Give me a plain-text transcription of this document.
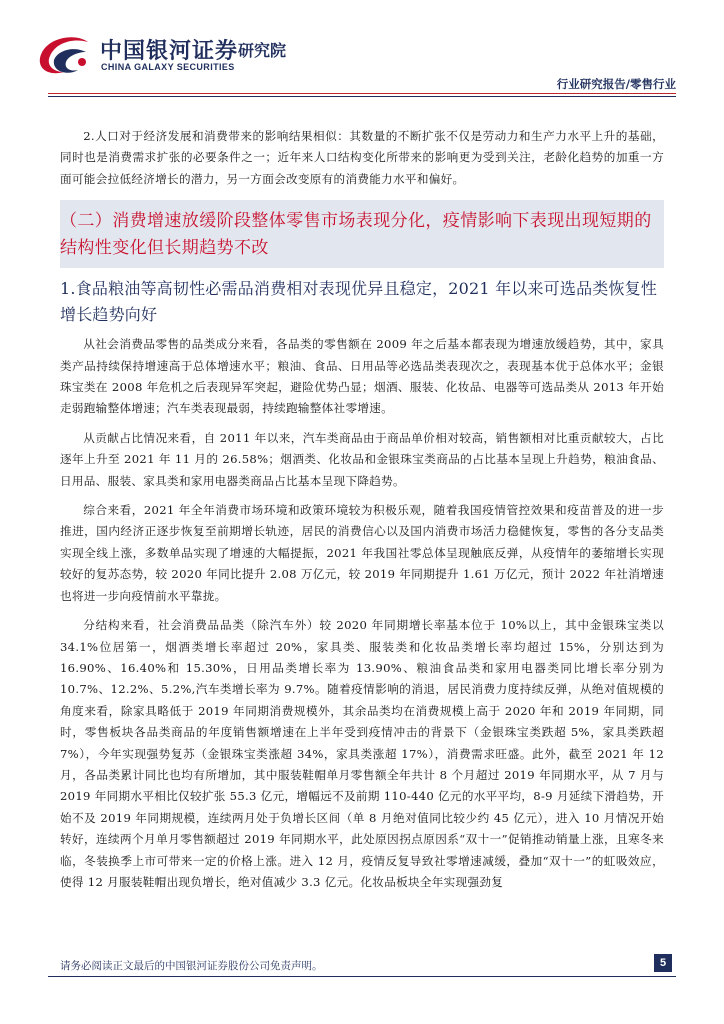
中国银河证券 研究院
CHINA GALAXY SECURITIES
行业研究报告/零售行业

2.人口对于经济发展和消费带来的影响结果相似：其数量的不断扩张不仅是劳动力和生产力水平上升的基础，同时也是消费需求扩张的必要条件之一；近年来人口结构变化所带来的影响更为受到关注，老龄化趋势的加重一方面可能会拉低经济增长的潜力，另一方面会改变原有的消费能力水平和偏好。

（二）消费增速放缓阶段整体零售市场表现分化，疫情影响下表现出现短期的结构性变化但长期趋势不改
1.食品粮油等高韧性必需品消费相对表现优异且稳定，2021 年以来可选品类恢复性增长趋势向好

从社会消费品零售的品类成分来看，各品类的零售额在 2009 年之后基本都表现为增速放缓趋势，其中，家具类产品持续保持增速高于总体增速水平；粮油、食品、日用品等必选品类表现次之，表现基本优于总体水平；金银珠宝类在 2008 年危机之后表现异军突起，避险优势凸显；烟酒、服装、化妆品、电器等可选品类从 2013 年开始走弱跑输整体增速；汽车类表现最弱，持续跑输整体社零增速。

从贡献占比情况来看，自 2011 年以来，汽车类商品由于商品单价相对较高，销售额相对比重贡献较大，占比逐年上升至 2021 年 11 月的 26.58%；烟酒类、化妆品和金银珠宝类商品的占比基本呈现上升趋势，粮油食品、日用品、服装、家具类和家用电器类商品占比基本呈现下降趋势。

综合来看，2021 年全年消费市场环境和政策环境较为积极乐观，随着我国疫情管控效果和疫苗普及的进一步推进，国内经济正逐步恢复至前期增长轨迹，居民的消费信心以及国内消费市场活力稳健恢复，零售的各分支品类实现全线上涨，多数单品实现了增速的大幅提振，2021 年我国社零总体呈现触底反弹，从疫情年的萎缩增长实现较好的复苏态势，较 2020 年同比提升 2.08 万亿元，较 2019 年同期提升 1.61 万亿元，预计 2022 年社消增速也将进一步向疫情前水平靠拢。

分结构来看，社会消费品品类（除汽车外）较 2020 年同期增长率基本位于 10%以上，其中金银珠宝类以 34.1%位居第一，烟酒类增长率超过 20%，家具类、服装类和化妆品类增长率均超过 15%，分别达到为 16.90%、16.40%和 15.30%，日用品类增长率为 13.90%、粮油食品类和家用电器类同比增长率分别为 10.7%、12.2%、5.2%,汽车类增长率为 9.7%。随着疫情影响的消退，居民消费力度持续反弹，从绝对值规模的角度来看，除家具略低于 2019 年同期消费规模外，其余品类均在消费规模上高于 2020 年和 2019 年同期，同时，零售板块各品类商品的年度销售额增速在上半年受到疫情冲击的背景下（金银珠宝类跌超 5%，家具类跌超 7%），今年实现强势复苏（金银珠宝类涨超 34%，家具类涨超 17%），消费需求旺盛。此外，截至 2021 年 12 月，各品类累计同比也均有所增加，其中服装鞋帽单月零售额全年共计 8 个月超过 2019 年同期水平，从 7 月与 2019 年同期水平相比仅较扩张 55.3 亿元，增幅远不及前期 110-440 亿元的水平平均，8-9 月延续下滑趋势，开始不及 2019 年同期规模，连续两月处于负增长区间（单 8 月绝对值同比较少约 45 亿元），进入 10 月情况开始转好，连续两个月单月零售额超过 2019 年同期水平，此处原因拐点原因系“双十一”促销推动销量上涨，且寒冬来临，冬装换季上市可带来一定的价格上涨。进入 12 月，疫情反复导致社零增速减缓，叠加“双十一”的虹吸效应，使得 12 月服装鞋帽出现负增长，绝对值减少 3.3 亿元。化妆品板块全年实现强劲复

请务必阅读正文最后的中国银河证券股份公司免责声明。	5
